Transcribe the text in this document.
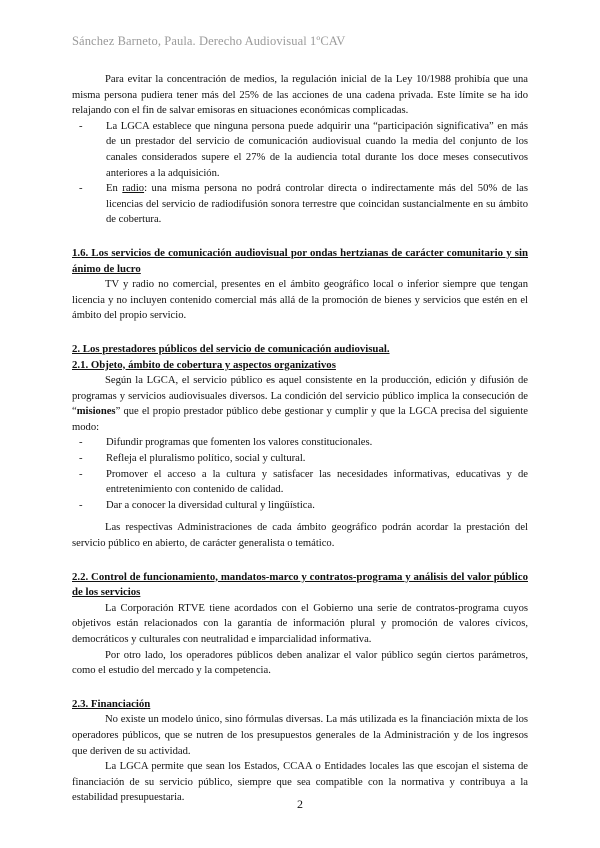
Sánchez Barneto, Paula. Derecho Audiovisual 1ºCAV

Para evitar la concentración de medios, la regulación inicial de la Ley 10/1988 prohibía que una misma persona pudiera tener más del 25% de las acciones de una cadena privada. Este límite se ha ido relajando con el fin de salvar emisoras en situaciones económicas complicadas.

- La LGCA establece que ninguna persona puede adquirir una “participación significativa” en más de un prestador del servicio de comunicación audiovisual cuando la media del conjunto de los canales considerados supere el 27% de la audiencia total durante los doce meses consecutivos anteriores a la adquisición.
- En radio: una misma persona no podrá controlar directa o indirectamente más del 50% de las licencias del servicio de radiodifusión sonora terrestre que coincidan sustancialmente en su ámbito de cobertura.
1.6. Los servicios de comunicación audiovisual por ondas hertzianas de carácter comunitario y sin ánimo de lucro

TV y radio no comercial, presentes en el ámbito geográfico local o inferior siempre que tengan licencia y no incluyen contenido comercial más allá de la promoción de bienes y servicios que estén en el ámbito del propio servicio.

2. Los prestadores públicos del servicio de comunicación audiovisual.
2.1. Objeto, ámbito de cobertura y aspectos organizativos

Según la LGCA, el servicio público es aquel consistente en la producción, edición y difusión de programas y servicios audiovisuales diversos. La condición del servicio público implica la consecución de “misiones” que el propio prestador público debe gestionar y cumplir y que la LGCA precisa del siguiente modo:

- Difundir programas que fomenten los valores constitucionales.
- Refleja el pluralismo político, social y cultural.
- Promover el acceso a la cultura y satisfacer las necesidades informativas, educativas y de entretenimiento con contenido de calidad.
- Dar a conocer la diversidad cultural y lingüística.

Las respectivas Administraciones de cada ámbito geográfico podrán acordar la prestación del servicio público en abierto, de carácter generalista o temático.

2.2. Control de funcionamiento, mandatos-marco y contratos-programa y análisis del valor público de los servicios

La Corporación RTVE tiene acordados con el Gobierno una serie de contratos-programa cuyos objetivos están relacionados con la garantía de información plural y promoción de valores cívicos, democráticos y culturales con neutralidad e imparcialidad informativa.

Por otro lado, los operadores públicos deben analizar el valor público según ciertos parámetros, como el estudio del mercado y la competencia.

2.3. Financiación

No existe un modelo único, sino fórmulas diversas. La más utilizada es la financiación mixta de los operadores públicos, que se nutren de los presupuestos generales de la Administración y de los ingresos que deriven de su actividad.

La LGCA permite que sean los Estados, CCAA o Entidades locales las que escojan el sistema de financiación de su servicio público, siempre que sea compatible con la normativa y contribuya a la estabilidad presupuestaria.	2
